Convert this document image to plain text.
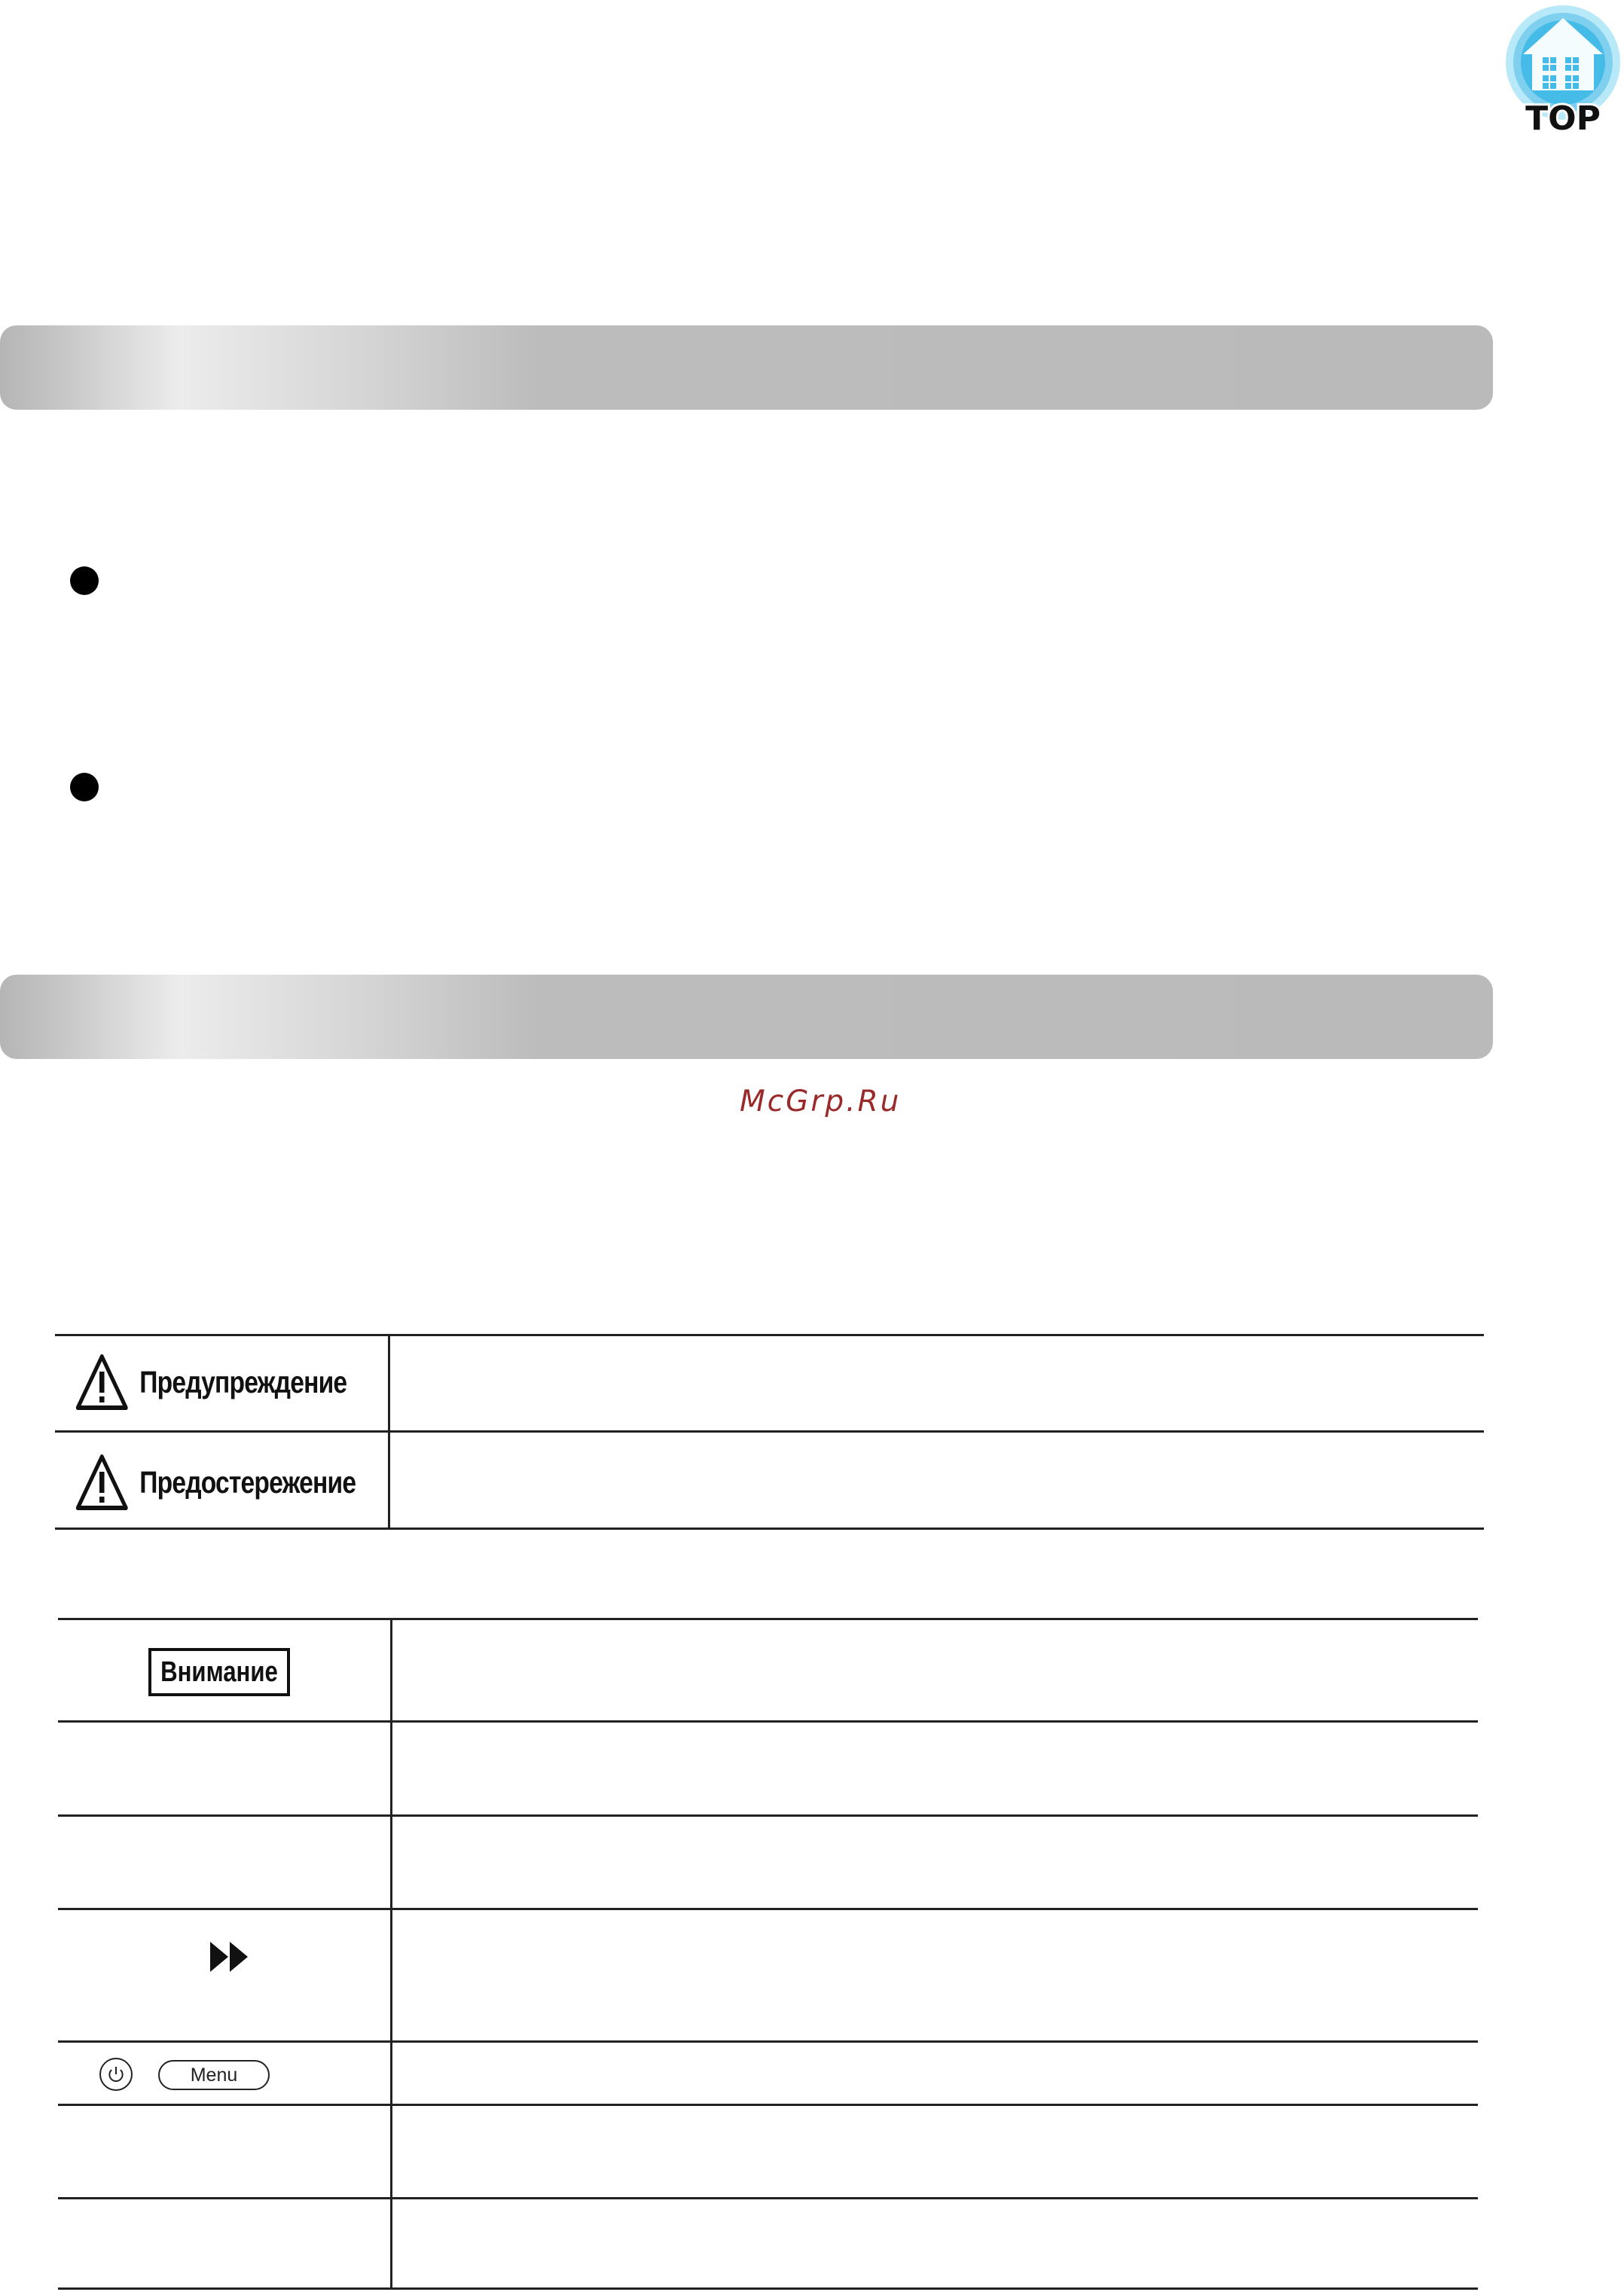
TOP
McGrp.Ru
Предупреждение
Предостережение
Внимание
Menu
